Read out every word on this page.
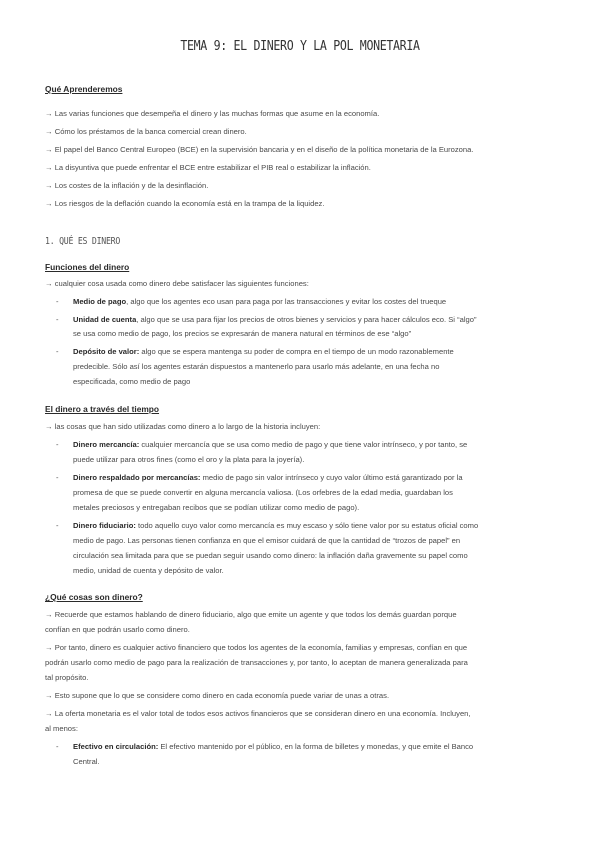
TEMA 9: EL DINERO Y LA POL MONETARIA
Qué Aprenderemos
→ Las varias funciones que desempeña el dinero y las muchas formas que asume en la economía.
→ Cómo los préstamos de la banca comercial crean dinero.
→ El papel del Banco Central Europeo (BCE) en la supervisión bancaria y en el diseño de la política monetaria de la Eurozona.
→ La disyuntiva que puede enfrentar el BCE entre estabilizar el PIB real o estabilizar la inflación.
→ Los costes de la inflación y de la desinflación.
→ Los riesgos de la deflación cuando la economía está en la trampa de la liquidez.
1. QUÉ ES DINERO
Funciones del dinero
→ cualquier cosa usada como dinero debe satisfacer las siguientes funciones:
-	Medio de pago, algo que los agentes eco usan para paga por las transacciones y evitar los costes del trueque
-	Unidad de cuenta, algo que se usa para fijar los precios de otros bienes y servicios y para hacer cálculos eco. Si “algo”
se usa como medio de pago, los precios se expresarán de manera natural en términos de ese “algo”
-	Depósito de valor: algo que se espera mantenga su poder de compra en el tiempo de un modo razonablemente
predecible. Sólo así los agentes estarán dispuestos a mantenerlo para usarlo más adelante, en una fecha no
especificada, como medio de pago
El dinero a través del tiempo
→ las cosas que han sido utilizadas como dinero a lo largo de la historia incluyen:
-	Dinero mercancía: cualquier mercancía que se usa como medio de pago y que tiene valor intrínseco, y por tanto, se
puede utilizar para otros fines (como el oro y la plata para la joyería).
-	Dinero respaldado por mercancías: medio de pago sin valor intrínseco y cuyo valor último está garantizado por la
promesa de que se puede convertir en alguna mercancía valiosa. (Los orfebres de la edad media, guardaban los
metales preciosos y entregaban recibos que se podían utilizar como medio de pago).
-	Dinero fiduciario: todo aquello cuyo valor como mercancía es muy escaso y sólo tiene valor por su estatus oficial como
medio de pago. Las personas tienen confianza en que el emisor cuidará de que la cantidad de “trozos de papel” en
circulación sea limitada para que se puedan seguir usando como dinero: la inflación daña gravemente su papel como
medio, unidad de cuenta y depósito de valor.
¿Qué cosas son dinero?
→ Recuerde que estamos hablando de dinero fiduciario, algo que emite un agente y que todos los demás guardan porque
confían en que podrán usarlo como dinero.
→ Por tanto, dinero es cualquier activo financiero que todos los agentes de la economía, familias y empresas, confían en que
podrán usarlo como medio de pago para la realización de transacciones y, por tanto, lo aceptan de manera generalizada para
tal propósito.
→ Esto supone que lo que se considere como dinero en cada economía puede variar de unas a otras.
→ La oferta monetaria es el valor total de todos esos activos financieros que se consideran dinero en una economía. Incluyen,
al menos:
-	Efectivo en circulación: El efectivo mantenido por el público, en la forma de billetes y monedas, y que emite el Banco
Central.
